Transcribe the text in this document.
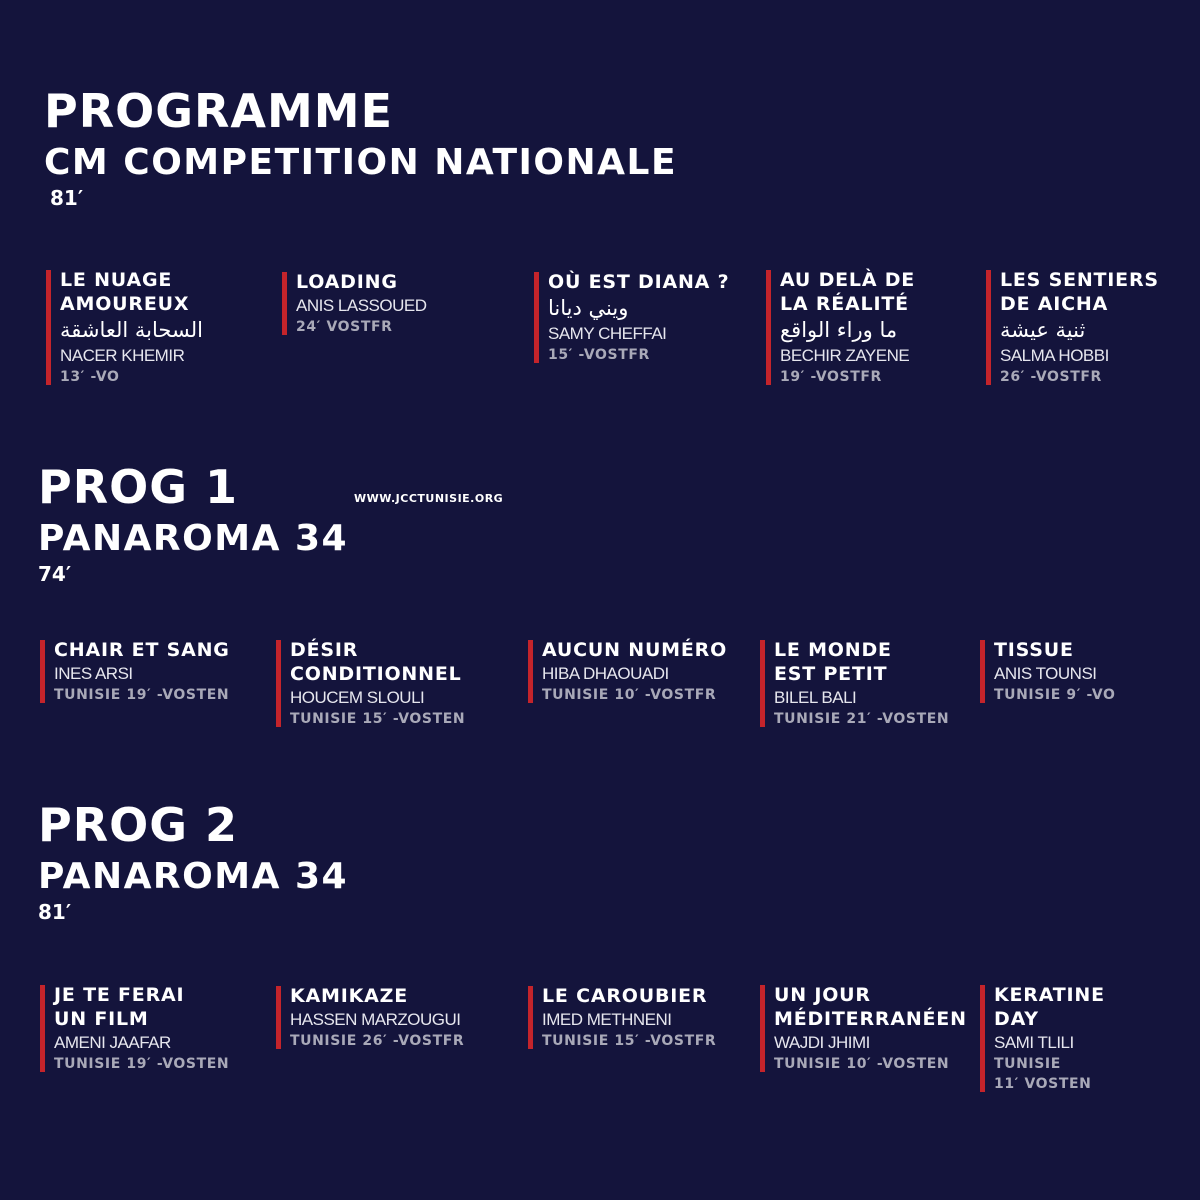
PROGRAMME
CM COMPETITION NATIONALE
81′
LE NUAGE
AMOUREUX
السحابة العاشقة
NACER KHEMIR
13′ -VO
LOADING
ANIS LASSOUED
24′ VOSTFR
OÙ EST DIANA ?
ويني ديانا
SAMY CHEFFAI
15′ -VOSTFR
AU DELÀ DE
LA RÉALITÉ
ما وراء الواقع
BECHIR ZAYENE
19′ -VOSTFR
LES SENTIERS
DE AICHA
ثنية عيشة
SALMA HOBBI
26′ -VOSTFR
PROG 1	WWW.JCCTUNISIE.ORG
PANAROMA 34
74′
CHAIR ET SANG
INES ARSI
TUNISIE 19′ -VOSTEN
DÉSIR
CONDITIONNEL
HOUCEM SLOULI
TUNISIE 15′ -VOSTEN
AUCUN NUMÉRO
HIBA DHAOUADI
TUNISIE 10′ -VOSTFR
LE MONDE
EST PETIT
BILEL BALI
TUNISIE 21′ -VOSTEN
TISSUE
ANIS TOUNSI
TUNISIE 9′ -VO
PROG 2
PANAROMA 34
81′
JE TE FERAI
UN FILM
AMENI JAAFAR
TUNISIE 19′ -VOSTEN
KAMIKAZE
HASSEN MARZOUGUI
TUNISIE 26′ -VOSTFR
LE CAROUBIER
IMED METHNENI
TUNISIE 15′ -VOSTFR
UN JOUR
MÉDITERRANÉEN
WAJDI JHIMI
TUNISIE 10′ -VOSTEN
KERATINE
DAY
SAMI TLILI
TUNISIE
11′ VOSTEN
